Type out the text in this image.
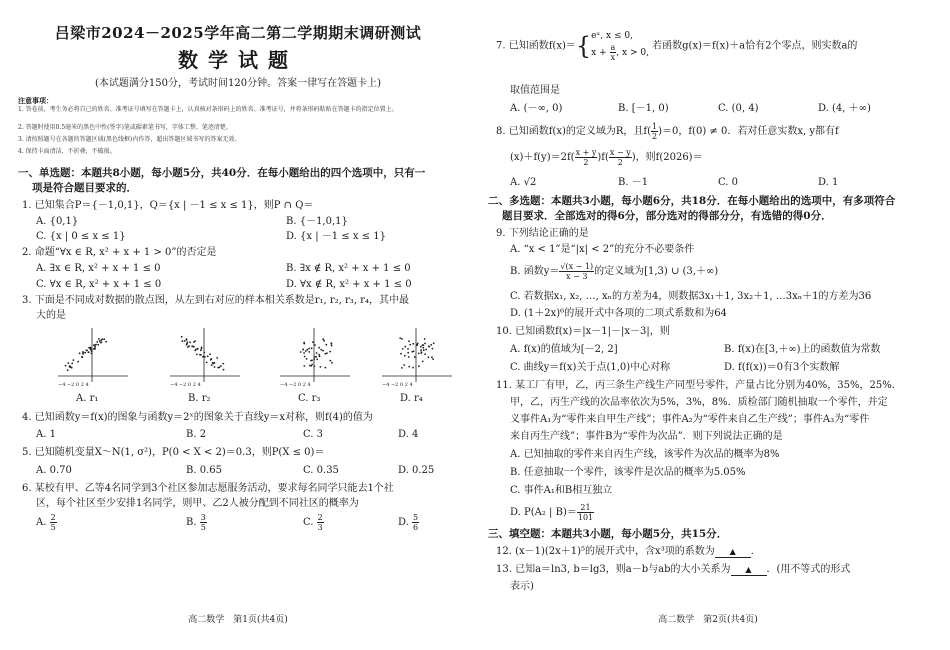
吕梁市2024－2025学年高二第二学期期末调研测试
数学试题
(本试题满分150分，考试时间120分钟。答案一律写在答题卡上)
注意事项：
1. 答卷前，考生务必将自己的姓名、准考证号填写在答题卡上，认真核对条形码上的姓名、准考证号，并将条形码粘贴在答题卡的指定位置上。
2. 答题时使用0.5毫米的黑色中性(签字)笔或碳素笔书写，字体工整、笔迹清楚。
3. 请按照题号在各题的答题区域(黑色线框)内作答，超出答题区域书写的答案无效。
4. 保持卡面清洁，不折叠，不破损。
一、单选题：本题共8小题，每小题5分，共40分．在每小题给出的四个选项中，只有一
项是符合题目要求的．
1. 已知集合P＝{－1,0,1}，Q＝{x | －1 ≤ x ≤ 1}，则P ∩ Q＝
A. {0,1}	B. {－1,0,1}
C. {x | 0 ≤ x ≤ 1}	D. {x | －1 ≤ x ≤ 1}
2. 命题“∀x ∈ R, x² + x + 1 > 0”的否定是
A. ∃x ∈ R, x² + x + 1 ≤ 0	B. ∃x ∉ R, x² + x + 1 ≤ 0
C. ∀x ∈ R, x² + x + 1 ≤ 0	D. ∀x ∉ R, x² + x + 1 ≤ 0
3. 下面是不同成对数据的散点图，从左到右对应的样本相关系数是r₁, r₂, r₃, r₄，其中最
大的是
−4 −2 0 2 4	−4 −2 0 2 4	−4 −2 0 2 4	−4 −2 0 2 4
A. r₁	B. r₂	C. r₃	D. r₄
4. 已知函数y＝f(x)的图象与函数y＝2ˣ的图象关于直线y＝x对称，则f(4)的值为
A. 1	B. 2	C. 3	D. 4
5. 已知随机变量X～N(1, σ²)，P(0 < X < 2)＝0.3，则P(X ≤ 0)＝
A. 0.70	B. 0.65	C. 0.35	D. 0.25
6. 某校有甲、乙等4名同学到3个社区参加志愿服务活动，要求每名同学只能去1个社
区，每个社区至少安排1名同学，则甲、乙2人被分配到不同社区的概率为
A. $\frac{2}{5}$	B. $\frac{3}{5}$	C. $\frac{2}{3}$	D. $\frac{5}{6}$
高二数学　第1页(共4页)
7. 已知函数f(x)＝{ eˣ, x ≤ 0,
$x + \frac{a}{x}$ , x > 0,
若函数g(x)＝f(x)＋a恰有2个零点，则实数a的
取值范围是
A. (－∞, 0)	B. [－1, 0)	C. (0, 4)	D. (4, ＋∞)
8. 已知函数f(x)的定义域为R，且$f( \frac{1}{2} )=0$，f(0) ≠ 0．若对任意实数x, y都有f
$(x)+f(y)=2f( \frac{x + y}{2} )f( \frac{x - y}{2}$ )，则f(2026)＝
A. √2	B. －1	C. 0	D. 1
二、多选题：本题共3小题，每小题6分，共18分．在每小题给出的选项中，有多项符合
题目要求．全部选对的得6分，部分选对的得部分分，有选错的得0分．
9. 下列结论正确的是
A. “x < 1”是“|x| < 2”的充分不必要条件
B. 函数$y= \frac{√(x - 1)}{x - 3}$ 的定义域为[1,3) ∪ (3,＋∞)
C. 若数据x₁, x₂, …, xₙ的方差为4，则数据3x₁＋1, 3x₂＋1, …3xₙ＋1的方差为36
D. (1＋2x)⁶的展开式中各项的二项式系数和为64
10. 已知函数f(x)＝|x－1|－|x－3|，则
A. f(x)的值域为[－2, 2]	B. f(x)在[3,＋∞)上的函数值为常数
C. 曲线y＝f(x)关于点(1,0)中心对称	D. f(f(x))＝0有3个实数解
11. 某工厂有甲，乙，丙三条生产线生产同型号零件，产量占比分别为40%，35%，25%．
甲，乙，丙生产线的次品率依次为5%，3%，8%．质检部门随机抽取一个零件，并定
义事件A₁为“零件来自甲生产线”；事件A₂为“零件来自乙生产线”；事件A₃为“零件
来自丙生产线”；事件B为“零件为次品”．则下列说法正确的是
A. 已知抽取的零件来自丙生产线，该零件为次品的概率为8%
B. 任意抽取一个零件，该零件是次品的概率为5.05%
C. 事件A₁和B相互独立
D. P(A₂ | $B)= \frac{21}{101}$
三、填空题：本题共3小题，每小题5分，共15分．
12. (x－1)(2x＋1)⁵的展开式中，含x³项的系数为 ▲ ．
13. 已知a＝ln3, b＝lg3，则a－b与ab的大小关系为 ▲ ．(用不等式的形式
表示)
高二数学　第2页(共4页)
